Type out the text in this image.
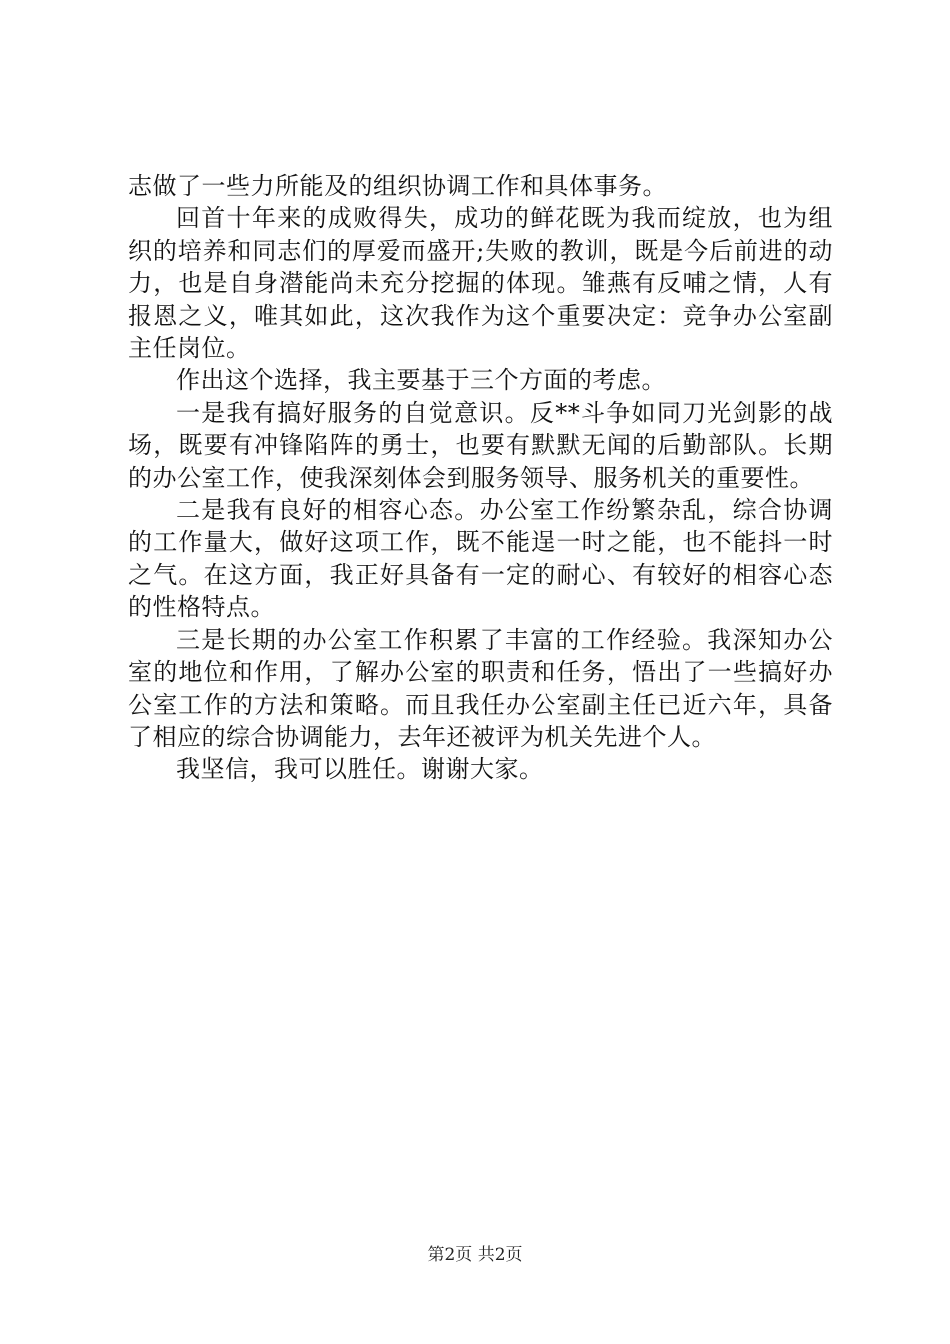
志做了一些力所能及的组织协调工作和具体事务。

回首十年来的成败得失，成功的鲜花既为我而绽放，也为组织的培养和同志们的厚爱而盛开;失败的教训，既是今后前进的动力，也是自身潜能尚未充分挖掘的体现。雏燕有反哺之情，人有报恩之义，唯其如此，这次我作为这个重要决定：竞争办公室副主任岗位。

作出这个选择，我主要基于三个方面的考虑。

一是我有搞好服务的自觉意识。反**斗争如同刀光剑影的战场，既要有冲锋陷阵的勇士，也要有默默无闻的后勤部队。长期的办公室工作，使我深刻体会到服务领导、服务机关的重要性。

二是我有良好的相容心态。办公室工作纷繁杂乱，综合协调的工作量大，做好这项工作，既不能逞一时之能，也不能抖一时之气。在这方面，我正好具备有一定的耐心、有较好的相容心态的性格特点。

三是长期的办公室工作积累了丰富的工作经验。我深知办公室的地位和作用，了解办公室的职责和任务，悟出了一些搞好办公室工作的方法和策略。而且我任办公室副主任已近六年，具备了相应的综合协调能力，去年还被评为机关先进个人。

我坚信，我可以胜任。谢谢大家。

第2页 共2页
